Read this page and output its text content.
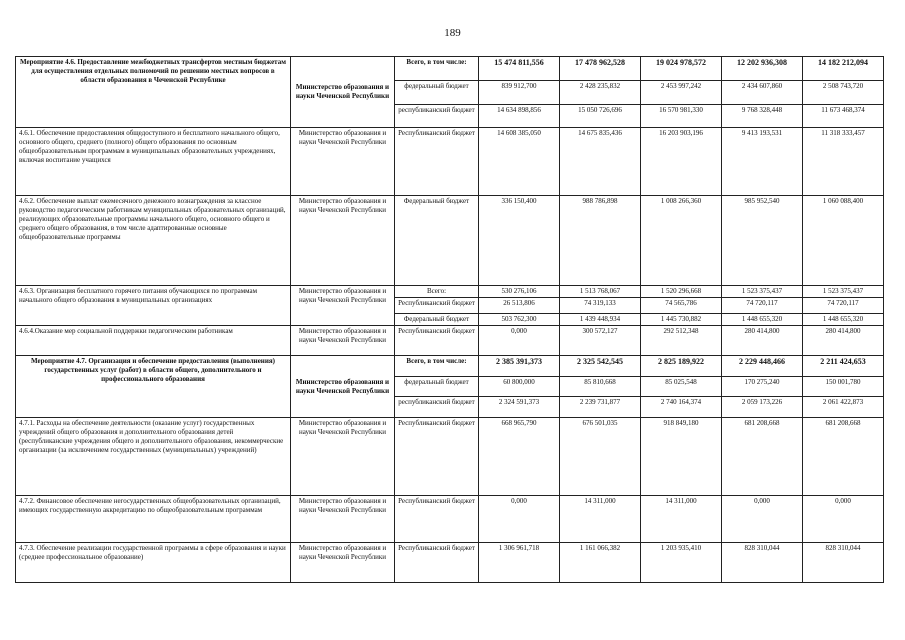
189
Мероприятие 4.6. Предоставление межбюджетных трансфертов местным бюджетам для осуществления отдельных полномочий по решению местных вопросов в области образования в Чеченской Республике	Министерство образования и науки Чеченской Республики	Всего, в том числе:	15 474 811,556	17 478 962,528	19 024 978,572	12 202 936,308	14 182 212,094
		федеральный бюджет	839 912,700	2 428 235,832	2 453 997,242	2 434 607,860	2 508 743,720
		республиканский бюджет	14 634 898,856	15 050 726,696	16 570 981,330	9 768 328,448	11 673 468,374
4.6.1. Обеспечение предоставления общедоступного и бесплатного начального общего, основного общего, среднего (полного) общего образования по основным общеобразовательным программам в муниципальных образовательных учреждениях, включая воспитание учащихся	Министерство образования и науки Чеченской Республики	Республиканский бюджет	14 608 385,050	14 675 835,436	16 203 903,196	9 413 193,531	11 318 333,457
4.6.2. Обеспечение выплат ежемесячного денежного вознаграждения за классное руководство педагогическим работникам муниципальных образовательных организаций, реализующих образовательные программы начального общего, основного общего и среднего общего образования, в том числе адаптированные основные общеобразовательные программы	Министерство образования и науки Чеченской Республики	Федеральный бюджет	336 150,400	988 786,898	1 008 266,360	985 952,540	1 060 088,400
4.6.3. Организация бесплатного горячего питания обучающихся по программам начального общего образования в муниципальных организациях	Министерство образования и науки Чеченской Республики	Всего:	530 276,106	1 513 768,067	1 520 296,668	1 523 375,437	1 523 375,437
		Республиканский бюджет	26 513,806	74 319,133	74 565,786	74 720,117	74 720,117
		Федеральный бюджет	503 762,300	1 439 448,934	1 445 730,882	1 448 655,320	1 448 655,320
4.6.4.Оказание мер социальной поддержки педагогическим работникам	Министерство образования и науки Чеченской Республики	Республиканский бюджет	0,000	300 572,127	292 512,348	280 414,800	280 414,800
Мероприятие 4.7. Организация и обеспечение предоставления (выполнения) государственных услуг (работ) в области общего, дополнительного и профессионального образования	Министерство образования и науки Чеченской Республики	Всего, в том числе:	2 385 391,373	2 325 542,545	2 825 189,922	2 229 448,466	2 211 424,653
		федеральный бюджет	60 800,000	85 810,668	85 025,548	170 275,240	150 001,780
		республиканский бюджет	2 324 591,373	2 239 731,877	2 740 164,374	2 059 173,226	2 061 422,873
4.7.1. Расходы на обеспечение деятельности (оказание услуг) государственных учреждений общего образования и дополнительного образования детей (республиканские учреждения общего и дополнительного образования, некоммерческие организации (за исключением государственных (муниципальных) учреждений)	Министерство образования и науки Чеченской Республики	Республиканский бюджет	668 965,790	676 501,035	918 849,180	681 208,668	681 208,668
4.7.2. Финансовое обеспечение негосударственных общеобразовательных организаций, имеющих государственную аккредитацию по общеобразовательным программам	Министерство образования и науки Чеченской Республики	Республиканский бюджет	0,000	14 311,000	14 311,000	0,000	0,000
4.7.3. Обеспечение реализации государственной программы в сфере образования и науки (среднее профессиональное образование)	Министерство образования и науки Чеченской Республики	Республиканский бюджет	1 306 961,718	1 161 066,382	1 203 935,410	828 310,044	828 310,044
